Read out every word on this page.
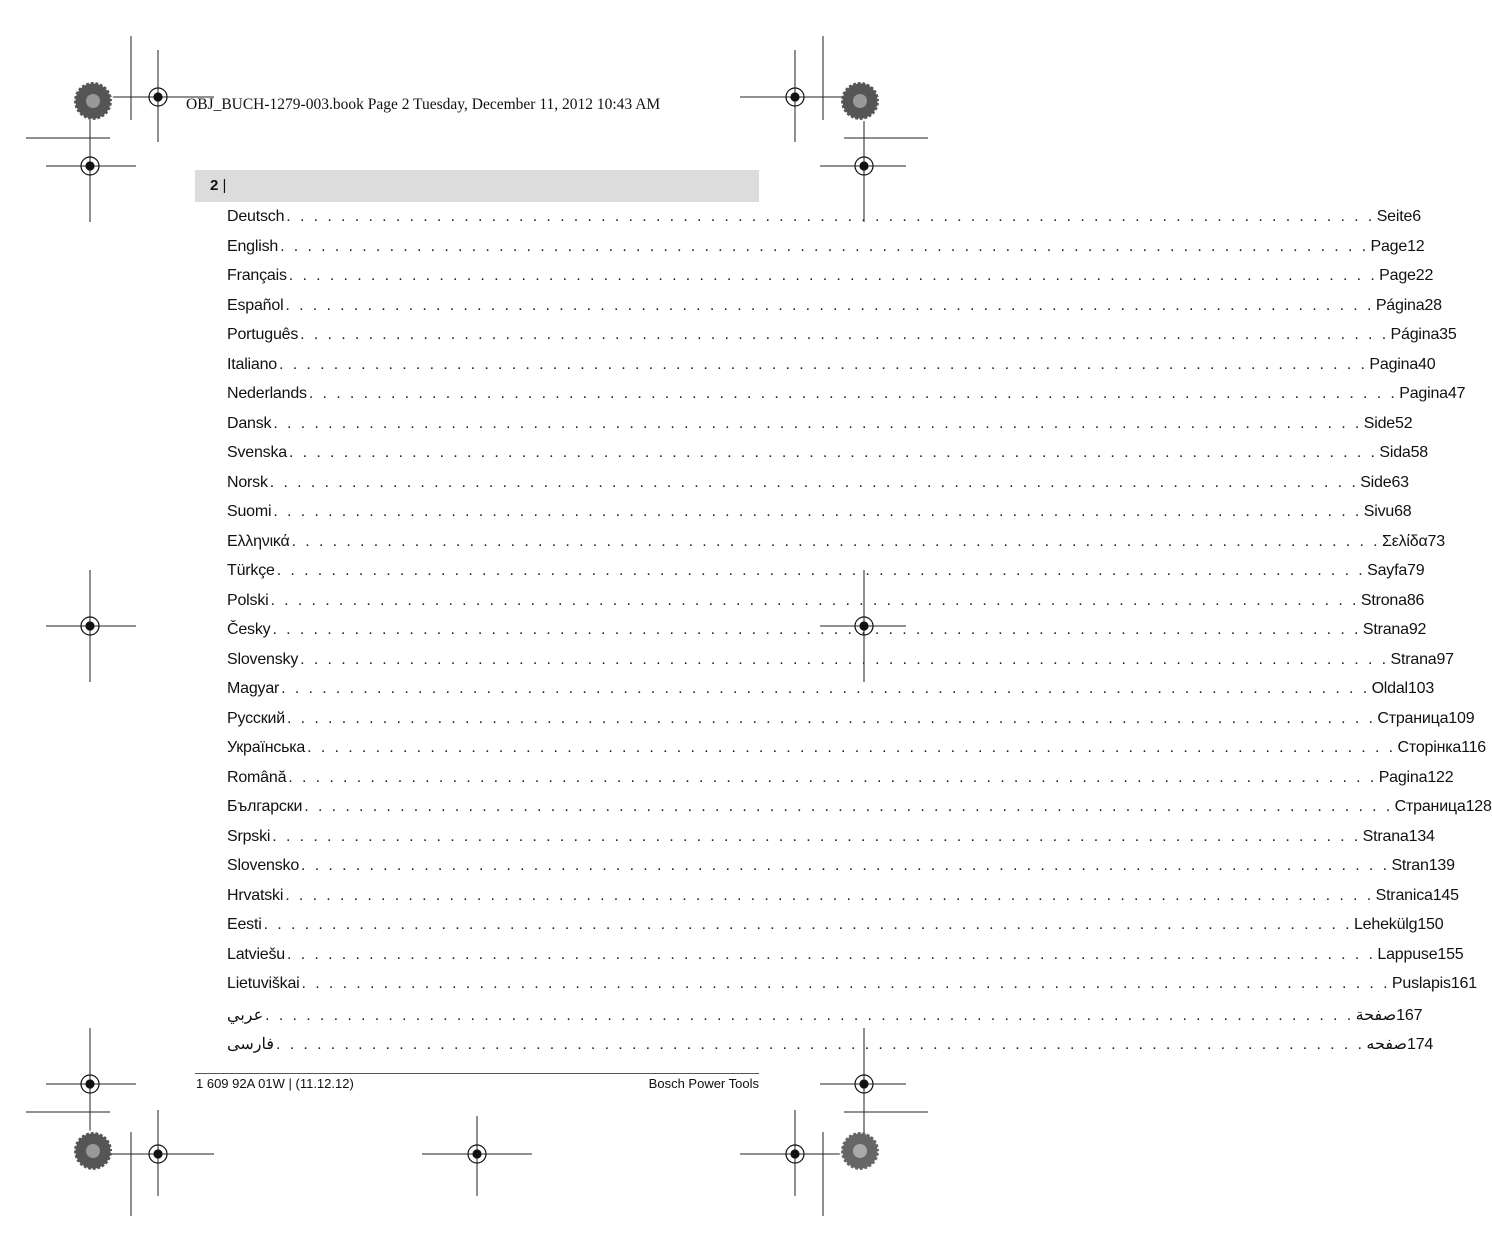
OBJ_BUCH-1279-003.book Page 2 Tuesday, December 11, 2012 10:43 AM
2 |
Deutsch . . . . . . . . . . . . . . . . . . . . . . . . . . . . . . . . . . . . . . . . . . . . . . . . . . . . . . . . . . . . . . . . . . . . . . . . . . . . . . . . Seite 6
English . . . . . . . . . . . . . . . . . . . . . . . . . . . . . . . . . . . . . . . . . . . . . . . . . . . . . . . . . . . . . . . . . . . . . . . . . . . . . . . . Page 12
Français . . . . . . . . . . . . . . . . . . . . . . . . . . . . . . . . . . . . . . . . . . . . . . . . . . . . . . . . . . . . . . . . . . . . . . . . . . . . . . . . Page 22
Español . . . . . . . . . . . . . . . . . . . . . . . . . . . . . . . . . . . . . . . . . . . . . . . . . . . . . . . . . . . . . . . . . . . . . . . . . . . . . . . . Página 28
Português . . . . . . . . . . . . . . . . . . . . . . . . . . . . . . . . . . . . . . . . . . . . . . . . . . . . . . . . . . . . . . . . . . . . . . . . . . . . . . . . Página 35
Italiano . . . . . . . . . . . . . . . . . . . . . . . . . . . . . . . . . . . . . . . . . . . . . . . . . . . . . . . . . . . . . . . . . . . . . . . . . . . . . . . . Pagina 40
Nederlands . . . . . . . . . . . . . . . . . . . . . . . . . . . . . . . . . . . . . . . . . . . . . . . . . . . . . . . . . . . . . . . . . . . . . . . . . . . . . . . . Pagina 47
Dansk . . . . . . . . . . . . . . . . . . . . . . . . . . . . . . . . . . . . . . . . . . . . . . . . . . . . . . . . . . . . . . . . . . . . . . . . . . . . . . . . Side 52
Svenska . . . . . . . . . . . . . . . . . . . . . . . . . . . . . . . . . . . . . . . . . . . . . . . . . . . . . . . . . . . . . . . . . . . . . . . . . . . . . . . . Sida 58
Norsk . . . . . . . . . . . . . . . . . . . . . . . . . . . . . . . . . . . . . . . . . . . . . . . . . . . . . . . . . . . . . . . . . . . . . . . . . . . . . . . . Side 63
Suomi . . . . . . . . . . . . . . . . . . . . . . . . . . . . . . . . . . . . . . . . . . . . . . . . . . . . . . . . . . . . . . . . . . . . . . . . . . . . . . . . Sivu 68
Ελληνικά . . . . . . . . . . . . . . . . . . . . . . . . . . . . . . . . . . . . . . . . . . . . . . . . . . . . . . . . . . . . . . . . . . . . . . . . . . . . . . . . Σελίδα 73
Türkçe . . . . . . . . . . . . . . . . . . . . . . . . . . . . . . . . . . . . . . . . . . . . . . . . . . . . . . . . . . . . . . . . . . . . . . . . . . . . . . . . Sayfa 79
Polski . . . . . . . . . . . . . . . . . . . . . . . . . . . . . . . . . . . . . . . . . . . . . . . . . . . . . . . . . . . . . . . . . . . . . . . . . . . . . . . . Strona 86
Česky . . . . . . . . . . . . . . . . . . . . . . . . . . . . . . . . . . . . . . . . . . . . . . . . . . . . . . . . . . . . . . . . . . . . . . . . . . . . . . . . Strana 92
Slovensky . . . . . . . . . . . . . . . . . . . . . . . . . . . . . . . . . . . . . . . . . . . . . . . . . . . . . . . . . . . . . . . . . . . . . . . . . . . . . . . . Strana 97
Magyar . . . . . . . . . . . . . . . . . . . . . . . . . . . . . . . . . . . . . . . . . . . . . . . . . . . . . . . . . . . . . . . . . . . . . . . . . . . . . . . . Oldal 103
Русский . . . . . . . . . . . . . . . . . . . . . . . . . . . . . . . . . . . . . . . . . . . . . . . . . . . . . . . . . . . . . . . . . . . . . . . . . . . . . . . . Страница 109
Українська . . . . . . . . . . . . . . . . . . . . . . . . . . . . . . . . . . . . . . . . . . . . . . . . . . . . . . . . . . . . . . . . . . . . . . . . . . . . . . . . Сторінка 116
Română . . . . . . . . . . . . . . . . . . . . . . . . . . . . . . . . . . . . . . . . . . . . . . . . . . . . . . . . . . . . . . . . . . . . . . . . . . . . . . . . Pagina 122
Български . . . . . . . . . . . . . . . . . . . . . . . . . . . . . . . . . . . . . . . . . . . . . . . . . . . . . . . . . . . . . . . . . . . . . . . . . . . . . . . . Страница 128
Srpski . . . . . . . . . . . . . . . . . . . . . . . . . . . . . . . . . . . . . . . . . . . . . . . . . . . . . . . . . . . . . . . . . . . . . . . . . . . . . . . . Strana 134
Slovensko . . . . . . . . . . . . . . . . . . . . . . . . . . . . . . . . . . . . . . . . . . . . . . . . . . . . . . . . . . . . . . . . . . . . . . . . . . . . . . . . Stran 139
Hrvatski . . . . . . . . . . . . . . . . . . . . . . . . . . . . . . . . . . . . . . . . . . . . . . . . . . . . . . . . . . . . . . . . . . . . . . . . . . . . . . . . Stranica 145
Eesti . . . . . . . . . . . . . . . . . . . . . . . . . . . . . . . . . . . . . . . . . . . . . . . . . . . . . . . . . . . . . . . . . . . . . . . . . . . . . . . . Lehekülg 150
Latviešu . . . . . . . . . . . . . . . . . . . . . . . . . . . . . . . . . . . . . . . . . . . . . . . . . . . . . . . . . . . . . . . . . . . . . . . . . . . . . . . . Lappuse 155
Lietuviškai . . . . . . . . . . . . . . . . . . . . . . . . . . . . . . . . . . . . . . . . . . . . . . . . . . . . . . . . . . . . . . . . . . . . . . . . . . . . . . . . Puslapis 161
عربي . . . . . . . . . . . . . . . . . . . . . . . . . . . . . . . . . . . . . . . . . . . . . . . . . . . . . . . . . . . . . . . . . . . . . . . . . . . . . . . . صفحة 167
فارسی . . . . . . . . . . . . . . . . . . . . . . . . . . . . . . . . . . . . . . . . . . . . . . . . . . . . . . . . . . . . . . . . . . . . . . . . . . . . . . . . صفحه 174
1 609 92A 01W | (11.12.12)	Bosch Power Tools
